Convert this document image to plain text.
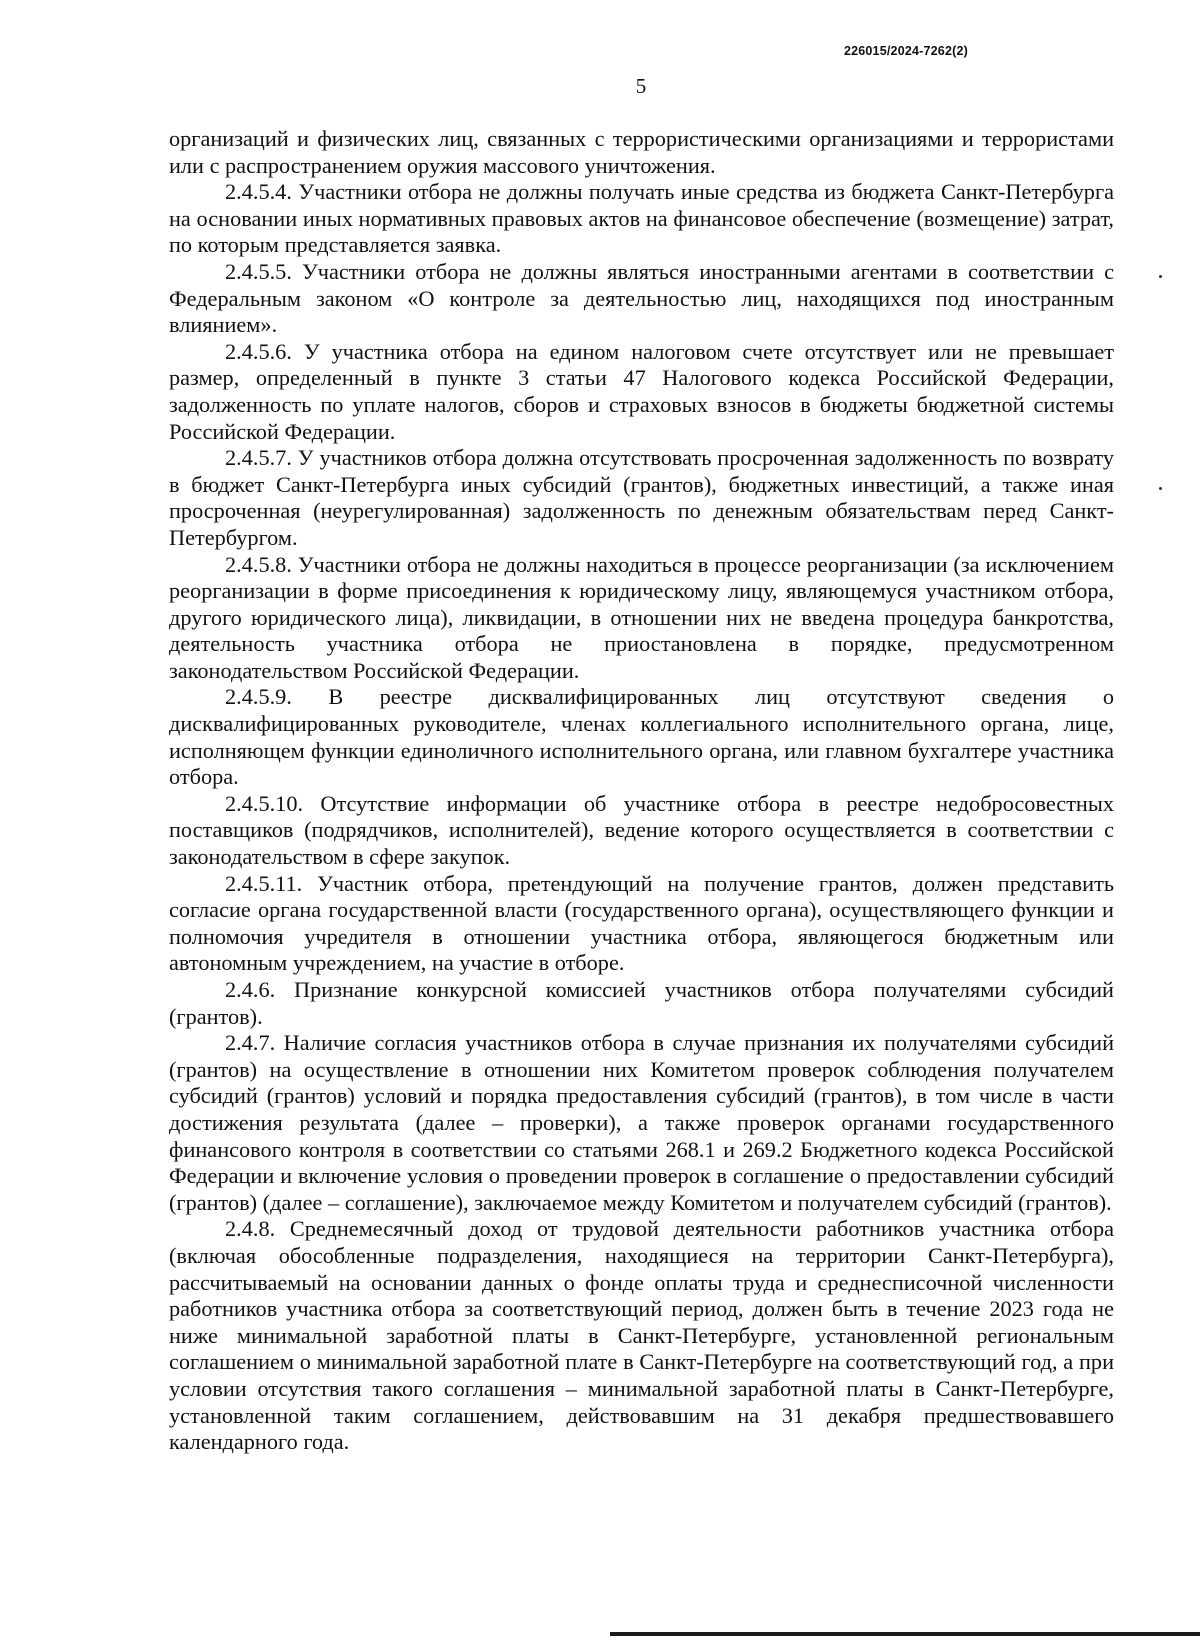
226015/2024-7262(2)
5

организаций и физических лиц, связанных с террористическими организациями и террористами или с распространением оружия массового уничтожения.

2.4.5.4. Участники отбора не должны получать иные средства из бюджета Санкт-Петербурга на основании иных нормативных правовых актов на финансовое обеспечение (возмещение) затрат, по которым представляется заявка.

2.4.5.5. Участники отбора не должны являться иностранными агентами в соответствии с Федеральным законом «О контроле за деятельностью лиц, находящихся под иностранным влиянием».

2.4.5.6. У участника отбора на едином налоговом счете отсутствует или не превышает размер, определенный в пункте 3 статьи 47 Налогового кодекса Российской Федерации, задолженность по уплате налогов, сборов и страховых взносов в бюджеты бюджетной системы Российской Федерации.

2.4.5.7. У участников отбора должна отсутствовать просроченная задолженность по возврату в бюджет Санкт-Петербурга иных субсидий (грантов), бюджетных инвестиций, а также иная просроченная (неурегулированная) задолженность по денежным обязательствам перед Санкт-Петербургом.

2.4.5.8. Участники отбора не должны находиться в процессе реорганизации (за исключением реорганизации в форме присоединения к юридическому лицу, являющемуся участником отбора, другого юридического лица), ликвидации, в отношении них не введена процедура банкротства, деятельность участника отбора не приостановлена в порядке, предусмотренном законодательством Российской Федерации.

2.4.5.9. В реестре дисквалифицированных лиц отсутствуют сведения о дисквалифицированных руководителе, членах коллегиального исполнительного органа, лице, исполняющем функции единоличного исполнительного органа, или главном бухгалтере участника отбора.

2.4.5.10. Отсутствие информации об участнике отбора в реестре недобросовестных поставщиков (подрядчиков, исполнителей), ведение которого осуществляется в соответствии с законодательством в сфере закупок.

2.4.5.11. Участник отбора, претендующий на получение грантов, должен представить согласие органа государственной власти (государственного органа), осуществляющего функции и полномочия учредителя в отношении участника отбора, являющегося бюджетным или автономным учреждением, на участие в отборе.

2.4.6. Признание конкурсной комиссией участников отбора получателями субсидий (грантов).

2.4.7. Наличие согласия участников отбора в случае признания их получателями субсидий (грантов) на осуществление в отношении них Комитетом проверок соблюдения получателем субсидий (грантов) условий и порядка предоставления субсидий (грантов), в том числе в части достижения результата (далее – проверки), а также проверок органами государственного финансового контроля в соответствии со статьями 268.1 и 269.2 Бюджетного кодекса Российской Федерации и включение условия о проведении проверок в соглашение о предоставлении субсидий (грантов) (далее – соглашение), заключаемое между Комитетом и получателем субсидий (грантов).

2.4.8. Среднемесячный доход от трудовой деятельности работников участника отбора (включая обособленные подразделения, находящиеся на территории Санкт-Петербурга), рассчитываемый на основании данных о фонде оплаты труда и среднесписочной численности работников участника отбора за соответствующий период, должен быть в течение 2023 года не ниже минимальной заработной платы в Санкт-Петербурге, установленной региональным соглашением о минимальной заработной плате в Санкт-Петербурге на соответствующий год, а при условии отсутствия такого соглашения – минимальной заработной платы в Санкт-Петербурге, установленной таким соглашением, действовавшим на 31 декабря предшествовавшего календарного года.
